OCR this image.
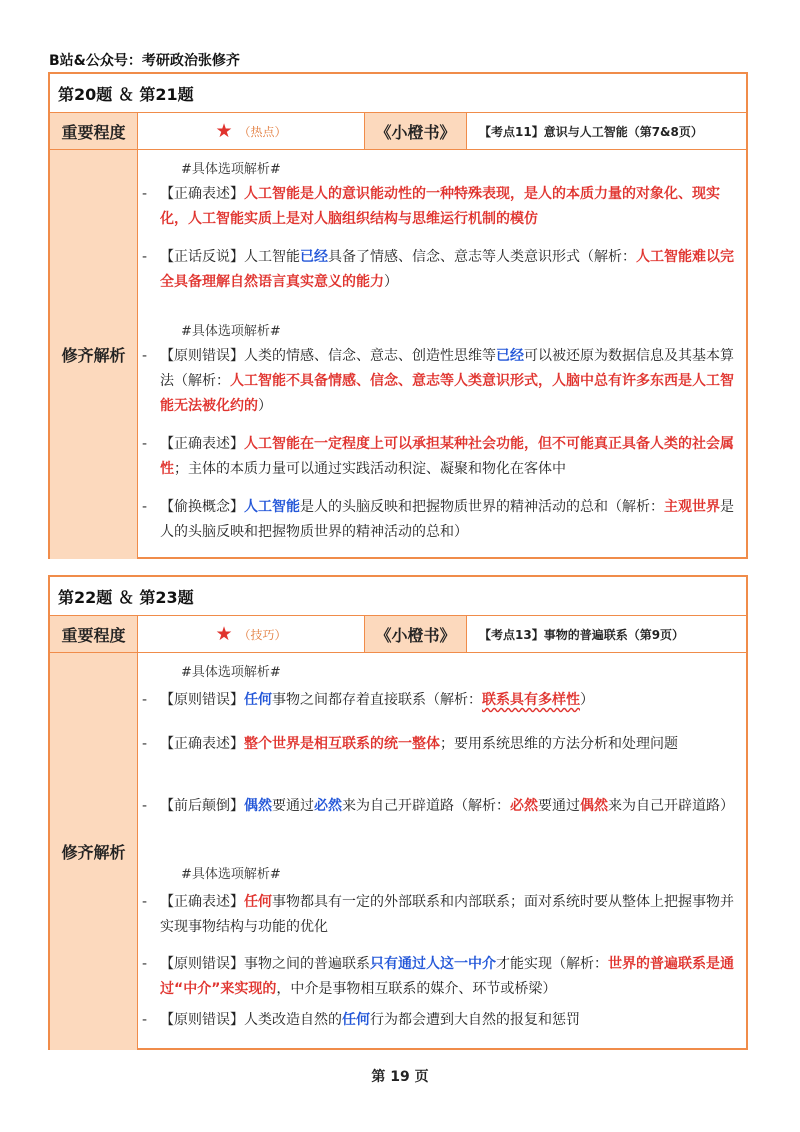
B站&公众号：考研政治张修齐
第20题 ＆ 第21题
重要程度	★ （热点）	《小橙书》	【考点11】意识与人工智能（第7&8页）
修齐解析
#具体选项解析#
- 【正确表述】人工智能是人的意识能动性的一种特殊表现，是人的本质力量的对象化、现实化，人工智能实质上是对人脑组织结构与思维运行机制的模仿
- 【正话反说】人工智能已经具备了情感、信念、意志等人类意识形式（解析：人工智能难以完全具备理解自然语言真实意义的能力）
#具体选项解析#
- 【原则错误】人类的情感、信念、意志、创造性思维等已经可以被还原为数据信息及其基本算法（解析：人工智能不具备情感、信念、意志等人类意识形式，人脑中总有许多东西是人工智能无法被化约的）
- 【正确表述】人工智能在一定程度上可以承担某种社会功能，但不可能真正具备人类的社会属性；主体的本质力量可以通过实践活动积淀、凝聚和物化在客体中
- 【偷换概念】人工智能是人的头脑反映和把握物质世界的精神活动的总和（解析：主观世界是人的头脑反映和把握物质世界的精神活动的总和）
第22题 ＆ 第23题
重要程度	★ （技巧）	《小橙书》	【考点13】事物的普遍联系（第9页）
修齐解析
#具体选项解析#
- 【原则错误】任何事物之间都存着直接联系（解析：联系具有多样性）
- 【正确表述】整个世界是相互联系的统一整体；要用系统思维的方法分析和处理问题
- 【前后颠倒】偶然要通过必然来为自己开辟道路（解析：必然要通过偶然来为自己开辟道路）
#具体选项解析#
- 【正确表述】任何事物都具有一定的外部联系和内部联系；面对系统时要从整体上把握事物并实现事物结构与功能的优化
- 【原则错误】事物之间的普遍联系只有通过人这一中介才能实现（解析：世界的普遍联系是通过“中介”来实现的，中介是事物相互联系的媒介、环节或桥梁）
- 【原则错误】人类改造自然的任何行为都会遭到大自然的报复和惩罚
第 19 页
